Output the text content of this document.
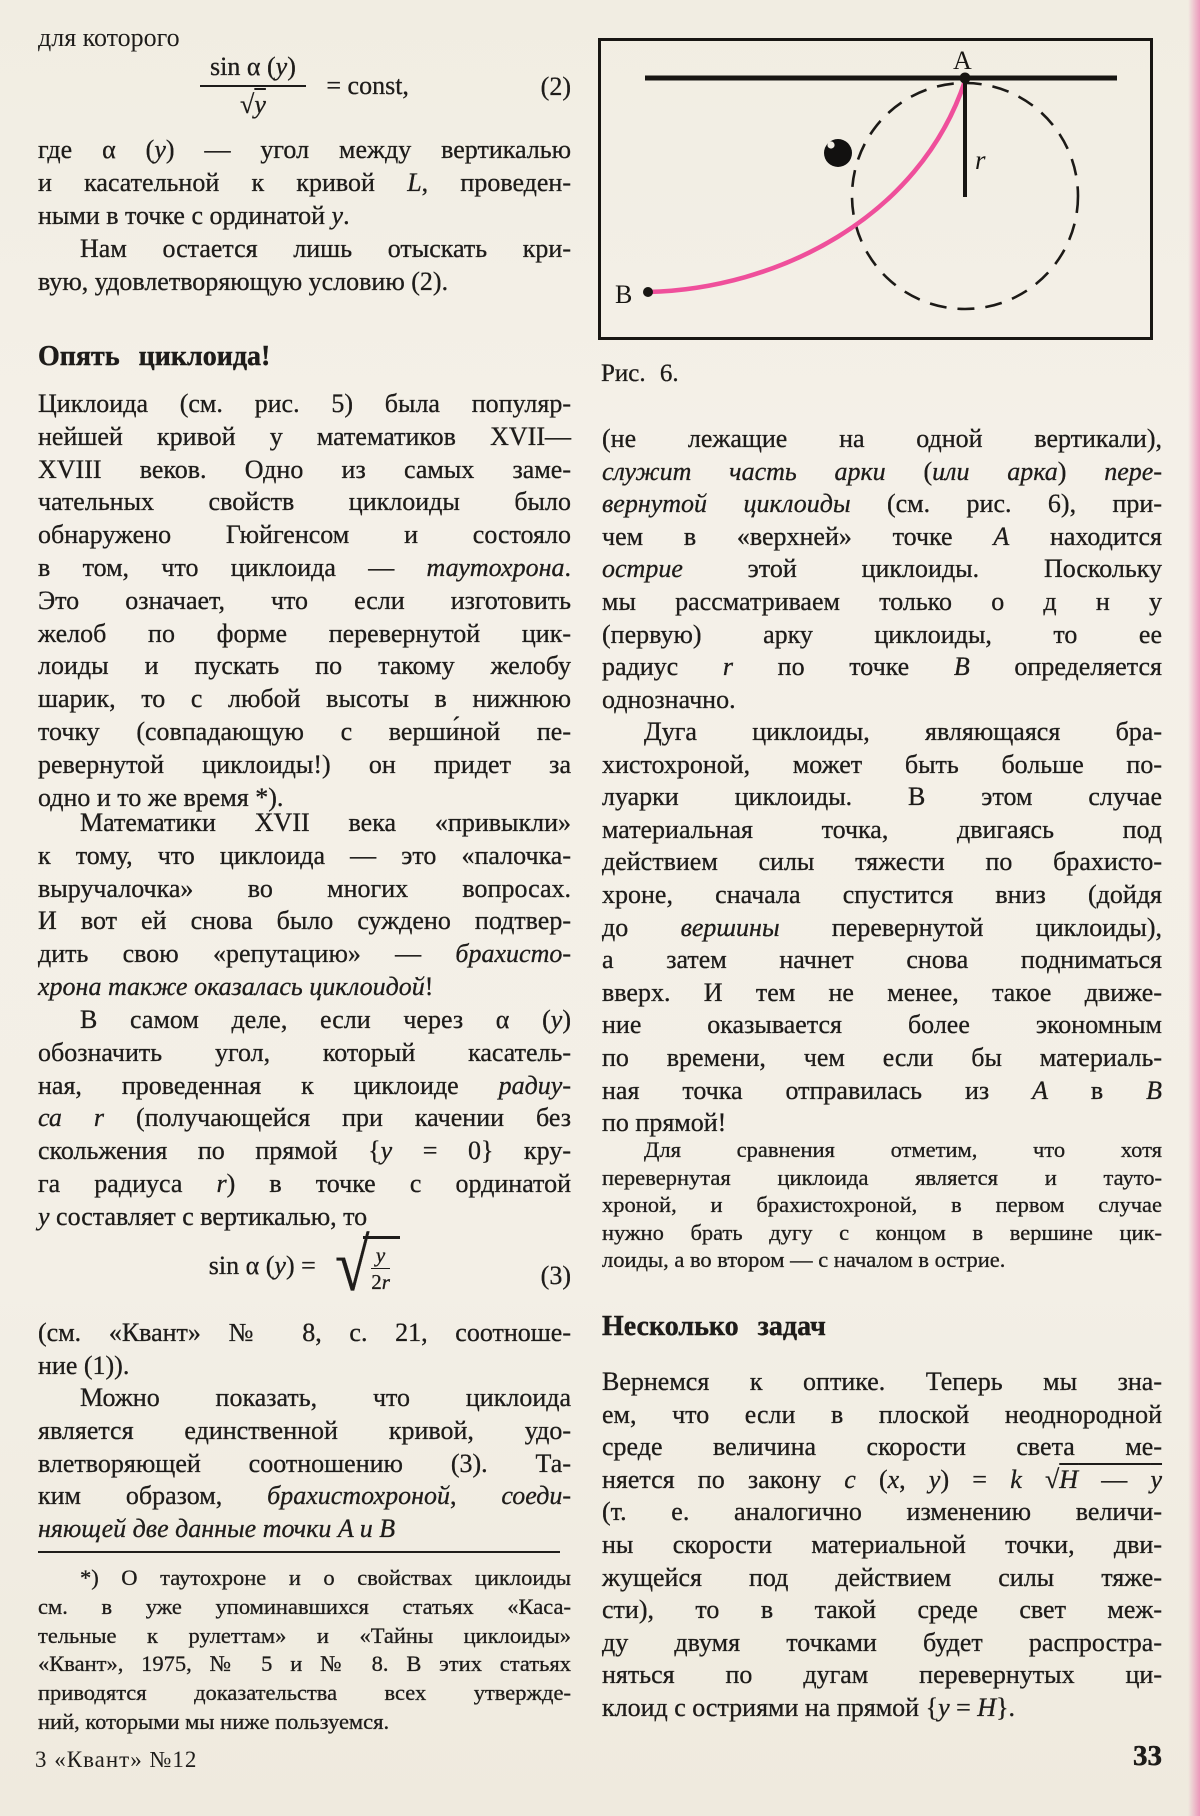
для которого
$\frac{\text{sin α (y)}}{√y}$ = const,	(2)
где α (y) — угол между вертикалью
и касательной к кривой L, проведен-
ными в точке с ординатой y.
Нам остается лишь отыскать кри-
вую, удовлетворяющую условию (2).
Опять циклоида!
Циклоида (см. рис. 5) была популяр-
нейшей кривой у математиков XVII—
XVIII веков. Одно из самых заме-
чательных свойств циклоиды было
обнаружено Гюйгенсом и состояло
в том, что циклоида — таутохрона.
Это означает, что если изготовить
желоб по форме перевернутой цик-
лоиды и пускать по такому желобу
шарик, то с любой высоты в нижнюю
точку (совпадающую с верши́ной пе-
ревернутой циклоиды!) он придет за
одно и то же время *).
Математики XVII века «привыкли»
к тому, что циклоида — это «палочка-
выручалочка» во многих вопросах.
И вот ей снова было суждено подтвер-
дить свою «репутацию» — брахисто-
хрона также оказалась циклоидой!
В самом деле, если через α (y)
обозначить угол, который касатель-
ная, проведенная к циклоиде радиу-
са r (получающейся при качении без
скольжения по прямой {y = 0} кру-
га радиуса r) в точке с ординатой
y составляет с вертикалью, то
sin α (y) = √ $\frac{y}{2r}$	(3)
(см. «Квант» № 8, с. 21, соотноше-
ние (1)).
Можно показать, что циклоида
является единственной кривой, удо-
влетворяющей соотношению (3). Та-
ким образом, брахистохроной, соеди-
няющей две данные точки A и B
*) О таутохроне и о свойствах циклоиды
см. в уже упоминавшихся статьях «Каса-
тельные к рулеттам» и «Тайны циклоиды»
«Квант», 1975, № 5 и № 8. В этих статьях
приводятся доказательства всех утвержде-
ний, которыми мы ниже пользуемся.
3 «Квант» №12
A
r
B
Рис. 6.
(не лежащие на одной вертикали),
служит часть арки (или арка) пере-
вернутой циклоиды (см. рис. 6), при-
чем в «верхней» точке A находится
острие этой циклоиды. Поскольку
мы рассматриваем только о д н у
(первую) арку циклоиды, то ее
радиус r по точке B определяется
однозначно.
Дуга циклоиды, являющаяся бра-
хистохроной, может быть больше по-
луарки циклоиды. В этом случае
материальная точка, двигаясь под
действием силы тяжести по брахисто-
хроне, сначала спустится вниз (дойдя
до вершины перевернутой циклоиды),
а затем начнет снова подниматься
вверх. И тем не менее, такое движе-
ние оказывается более экономным
по времени, чем если бы материаль-
ная точка отправилась из A в B
по прямой!
Для сравнения отметим, что хотя
перевернутая циклоида является и тауто-
хроной, и брахистохроной, в первом случае
нужно брать дугу с концом в вершине цик-
лоиды, а во втором — с началом в острие.
Несколько задач
Вернемся к оптике. Теперь мы зна-
ем, что если в плоской неоднородной
среде величина скорости света ме-
няется по закону c (x, y) = k √H — y
(т. е. аналогично изменению величи-
ны скорости материальной точки, дви-
жущейся под действием силы тяже-
сти), то в такой среде свет меж-
ду двумя точками будет распростра-
няться по дугам перевернутых ци-
клоид с остриями на прямой {y = H}.
33
